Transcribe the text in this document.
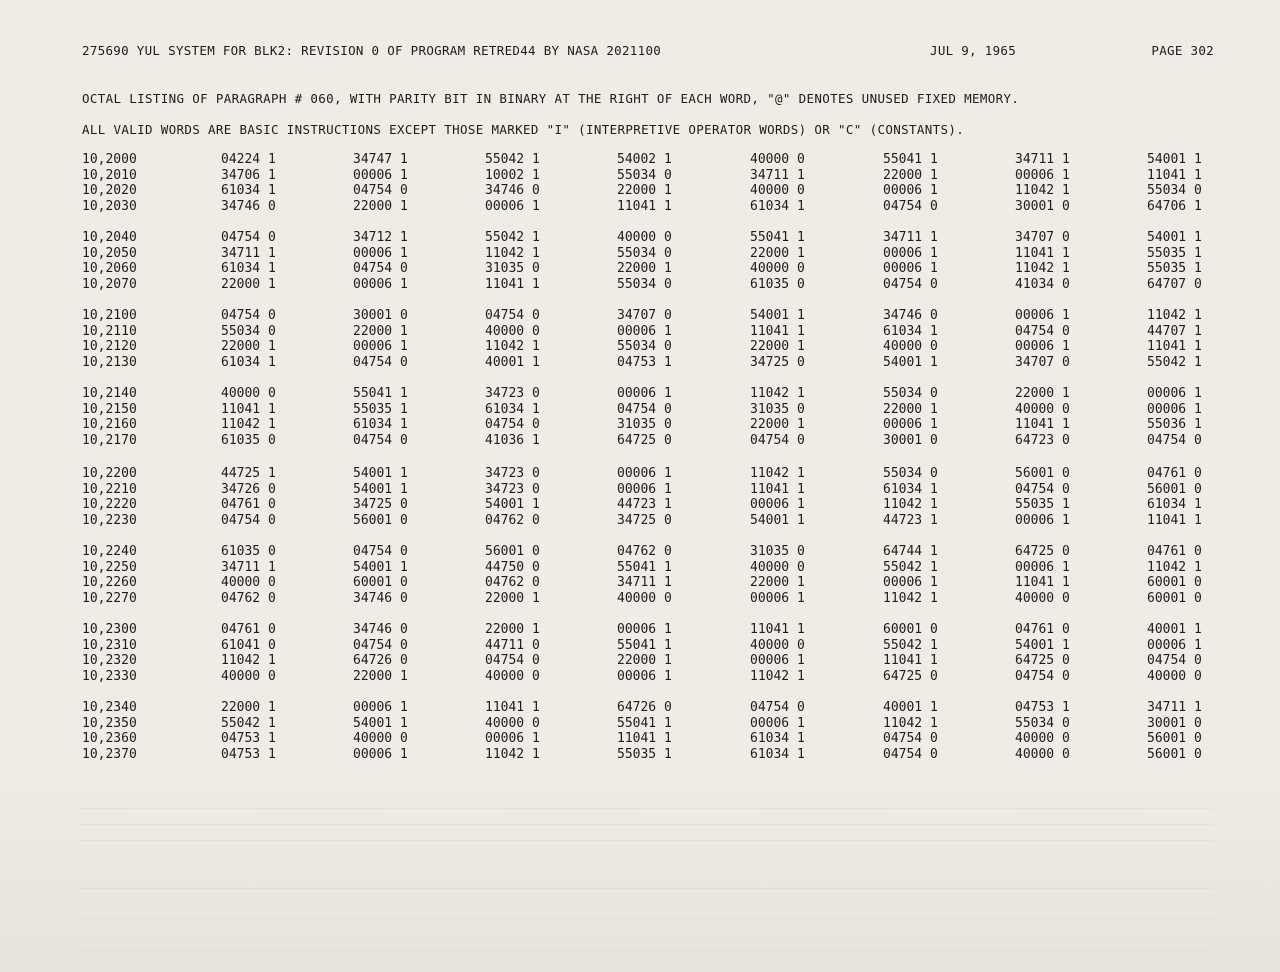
275690 YUL SYSTEM FOR BLK2: REVISION 0 OF PROGRAM RETRED44 BY NASA 2021100	JUL 9, 1965	PAGE 302
OCTAL LISTING OF PARAGRAPH # 060, WITH PARITY BIT IN BINARY AT THE RIGHT OF EACH WORD, "@" DENOTES UNUSED FIXED MEMORY.
ALL VALID WORDS ARE BASIC INSTRUCTIONS EXCEPT THOSE MARKED "I" (INTERPRETIVE OPERATOR WORDS) OR "C" (CONSTANTS).
10,2000	04224 1	34747 1	55042 1	54002 1	40000 0	55041 1	34711 1	54001 1
10,2010	34706 1	00006 1	10002 1	55034 0	34711 1	22000 1	00006 1	11041 1
10,2020	61034 1	04754 0	34746 0	22000 1	40000 0	00006 1	11042 1	55034 0
10,2030	34746 0	22000 1	00006 1	11041 1	61034 1	04754 0	30001 0	64706 1
10,2040	04754 0	34712 1	55042 1	40000 0	55041 1	34711 1	34707 0	54001 1
10,2050	34711 1	00006 1	11042 1	55034 0	22000 1	00006 1	11041 1	55035 1
10,2060	61034 1	04754 0	31035 0	22000 1	40000 0	00006 1	11042 1	55035 1
10,2070	22000 1	00006 1	11041 1	55034 0	61035 0	04754 0	41034 0	64707 0
10,2100	04754 0	30001 0	04754 0	34707 0	54001 1	34746 0	00006 1	11042 1
10,2110	55034 0	22000 1	40000 0	00006 1	11041 1	61034 1	04754 0	44707 1
10,2120	22000 1	00006 1	11042 1	55034 0	22000 1	40000 0	00006 1	11041 1
10,2130	61034 1	04754 0	40001 1	04753 1	34725 0	54001 1	34707 0	55042 1
10,2140	40000 0	55041 1	34723 0	00006 1	11042 1	55034 0	22000 1	00006 1
10,2150	11041 1	55035 1	61034 1	04754 0	31035 0	22000 1	40000 0	00006 1
10,2160	11042 1	61034 1	04754 0	31035 0	22000 1	00006 1	11041 1	55036 1
10,2170	61035 0	04754 0	41036 1	64725 0	04754 0	30001 0	64723 0	04754 0
10,2200	44725 1	54001 1	34723 0	00006 1	11042 1	55034 0	56001 0	04761 0
10,2210	34726 0	54001 1	34723 0	00006 1	11041 1	61034 1	04754 0	56001 0
10,2220	04761 0	34725 0	54001 1	44723 1	00006 1	11042 1	55035 1	61034 1
10,2230	04754 0	56001 0	04762 0	34725 0	54001 1	44723 1	00006 1	11041 1
10,2240	61035 0	04754 0	56001 0	04762 0	31035 0	64744 1	64725 0	04761 0
10,2250	34711 1	54001 1	44750 0	55041 1	40000 0	55042 1	00006 1	11042 1
10,2260	40000 0	60001 0	04762 0	34711 1	22000 1	00006 1	11041 1	60001 0
10,2270	04762 0	34746 0	22000 1	40000 0	00006 1	11042 1	40000 0	60001 0
10,2300	04761 0	34746 0	22000 1	00006 1	11041 1	60001 0	04761 0	40001 1
10,2310	61041 0	04754 0	44711 0	55041 1	40000 0	55042 1	54001 1	00006 1
10,2320	11042 1	64726 0	04754 0	22000 1	00006 1	11041 1	64725 0	04754 0
10,2330	40000 0	22000 1	40000 0	00006 1	11042 1	64725 0	04754 0	40000 0
10,2340	22000 1	00006 1	11041 1	64726 0	04754 0	40001 1	04753 1	34711 1
10,2350	55042 1	54001 1	40000 0	55041 1	00006 1	11042 1	55034 0	30001 0
10,2360	04753 1	40000 0	00006 1	11041 1	61034 1	04754 0	40000 0	56001 0
10,2370	04753 1	00006 1	11042 1	55035 1	61034 1	04754 0	40000 0	56001 0
